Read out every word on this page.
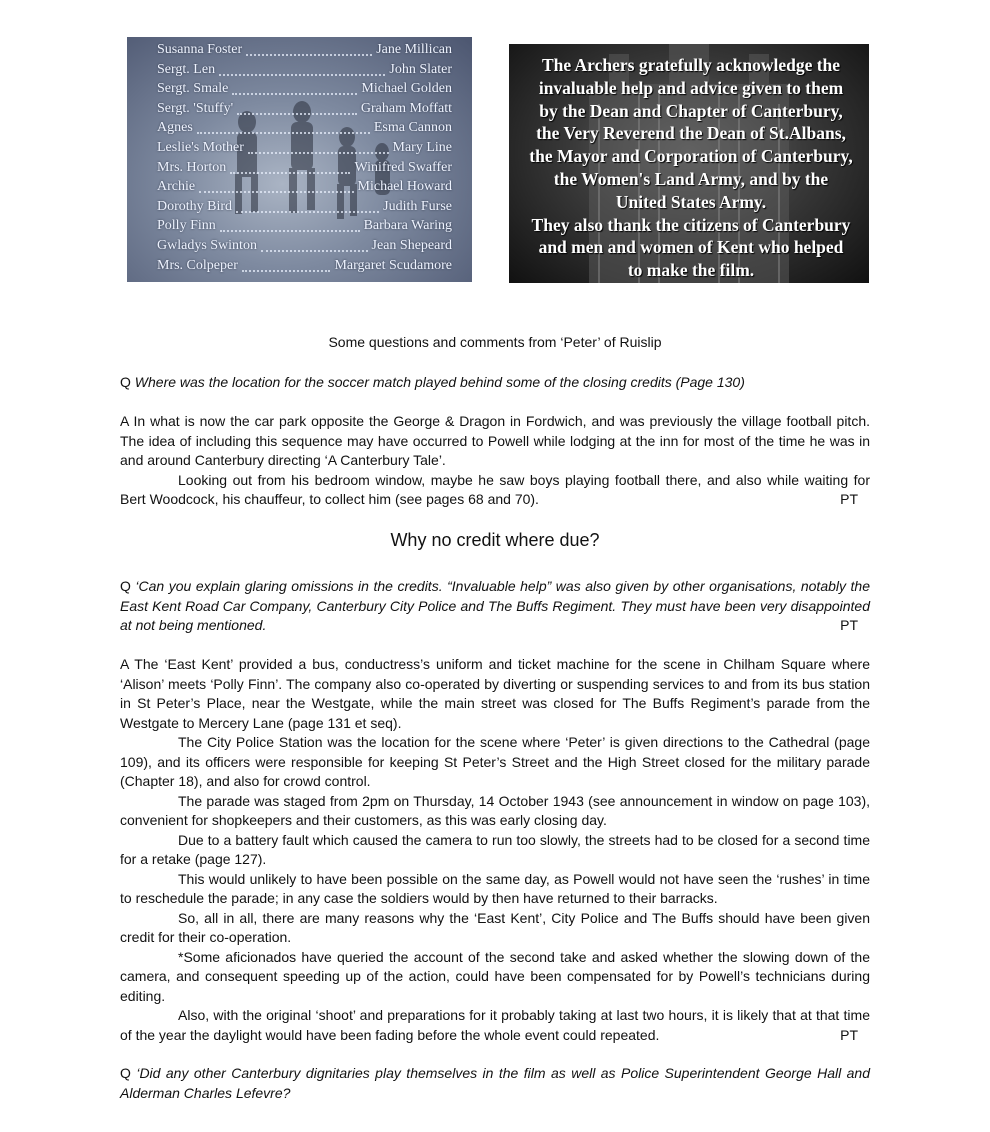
Susanna Foster	Jane Millican
Sergt. Len	John Slater
Sergt. Smale	Michael Golden
Sergt. 'Stuffy'	Graham Moffatt
Agnes	Esma Cannon
Leslie's Mother	Mary Line
Mrs. Horton	Winifred Swaffer
Archie	Michael Howard
Dorothy Bird	Judith Furse
Polly Finn	Barbara Waring
Gwladys Swinton	Jean Shepeard
Mrs. Colpeper	Margaret Scudamore
The Archers gratefully acknowledge the
invaluable help and advice given to them
by the Dean and Chapter of Canterbury,
the Very Reverend the Dean of St.Albans,
the Mayor and Corporation of Canterbury,
the Women's Land Army, and by the
United States Army.
They also thank the citizens of Canterbury
and men and women of Kent who helped
to make the film.
Some questions and comments from ‘Peter’ of Ruislip

Q Where was the location for the soccer match played behind some of the closing credits (Page 130)

A In what is now the car park opposite the George & Dragon in Fordwich, and was previously the village football pitch. The idea of including this sequence may have occurred to Powell while lodging at the inn for most of the time he was in and around Canterbury directing ‘A Canterbury Tale’.

Looking out from his bedroom window, maybe he saw boys playing football there, and also while waiting for Bert Woodcock, his chauffeur, to collect him (see pages 68 and 70).	PT

Why no credit where due?

Q ‘Can you explain glaring omissions in the credits. “Invaluable help” was also given by other organisations, notably the East Kent Road Car Company, Canterbury City Police and The Buffs Regiment. They must have been very disappointed at not being mentioned.	PT

A The ‘East Kent’ provided a bus, conductress’s uniform and ticket machine for the scene in Chilham Square where ‘Alison’ meets ‘Polly Finn’. The company also co-operated by diverting or suspending services to and from its bus station in St Peter’s Place, near the Westgate, while the main street was closed for The Buffs Regiment’s parade from the Westgate to Mercery Lane (page 131 et seq).

The City Police Station was the location for the scene where ‘Peter’ is given directions to the Cathedral (page 109), and its officers were responsible for keeping St Peter’s Street and the High Street closed for the military parade (Chapter 18), and also for crowd control.

The parade was staged from 2pm on Thursday, 14 October 1943 (see announcement in window on page 103), convenient for shopkeepers and their customers, as this was early closing day.

Due to a battery fault which caused the camera to run too slowly, the streets had to be closed for a second time for a retake (page 127).

This would unlikely to have been possible on the same day, as Powell would not have seen the ‘rushes’ in time to reschedule the parade; in any case the soldiers would by then have returned to their barracks.

So, all in all, there are many reasons why the ‘East Kent’, City Police and The Buffs should have been given credit for their co-operation.

*Some aficionados have queried the account of the second take and asked whether the slowing down of the camera, and consequent speeding up of the action, could have been compensated for by Powell’s technicians during editing.

Also, with the original ‘shoot’ and preparations for it probably taking at last two hours, it is likely that at that time of the year the daylight would have been fading before the whole event could repeated.	PT

Q ‘Did any other Canterbury dignitaries play themselves in the film as well as Police Superintendent George Hall and Alderman Charles Lefevre?
